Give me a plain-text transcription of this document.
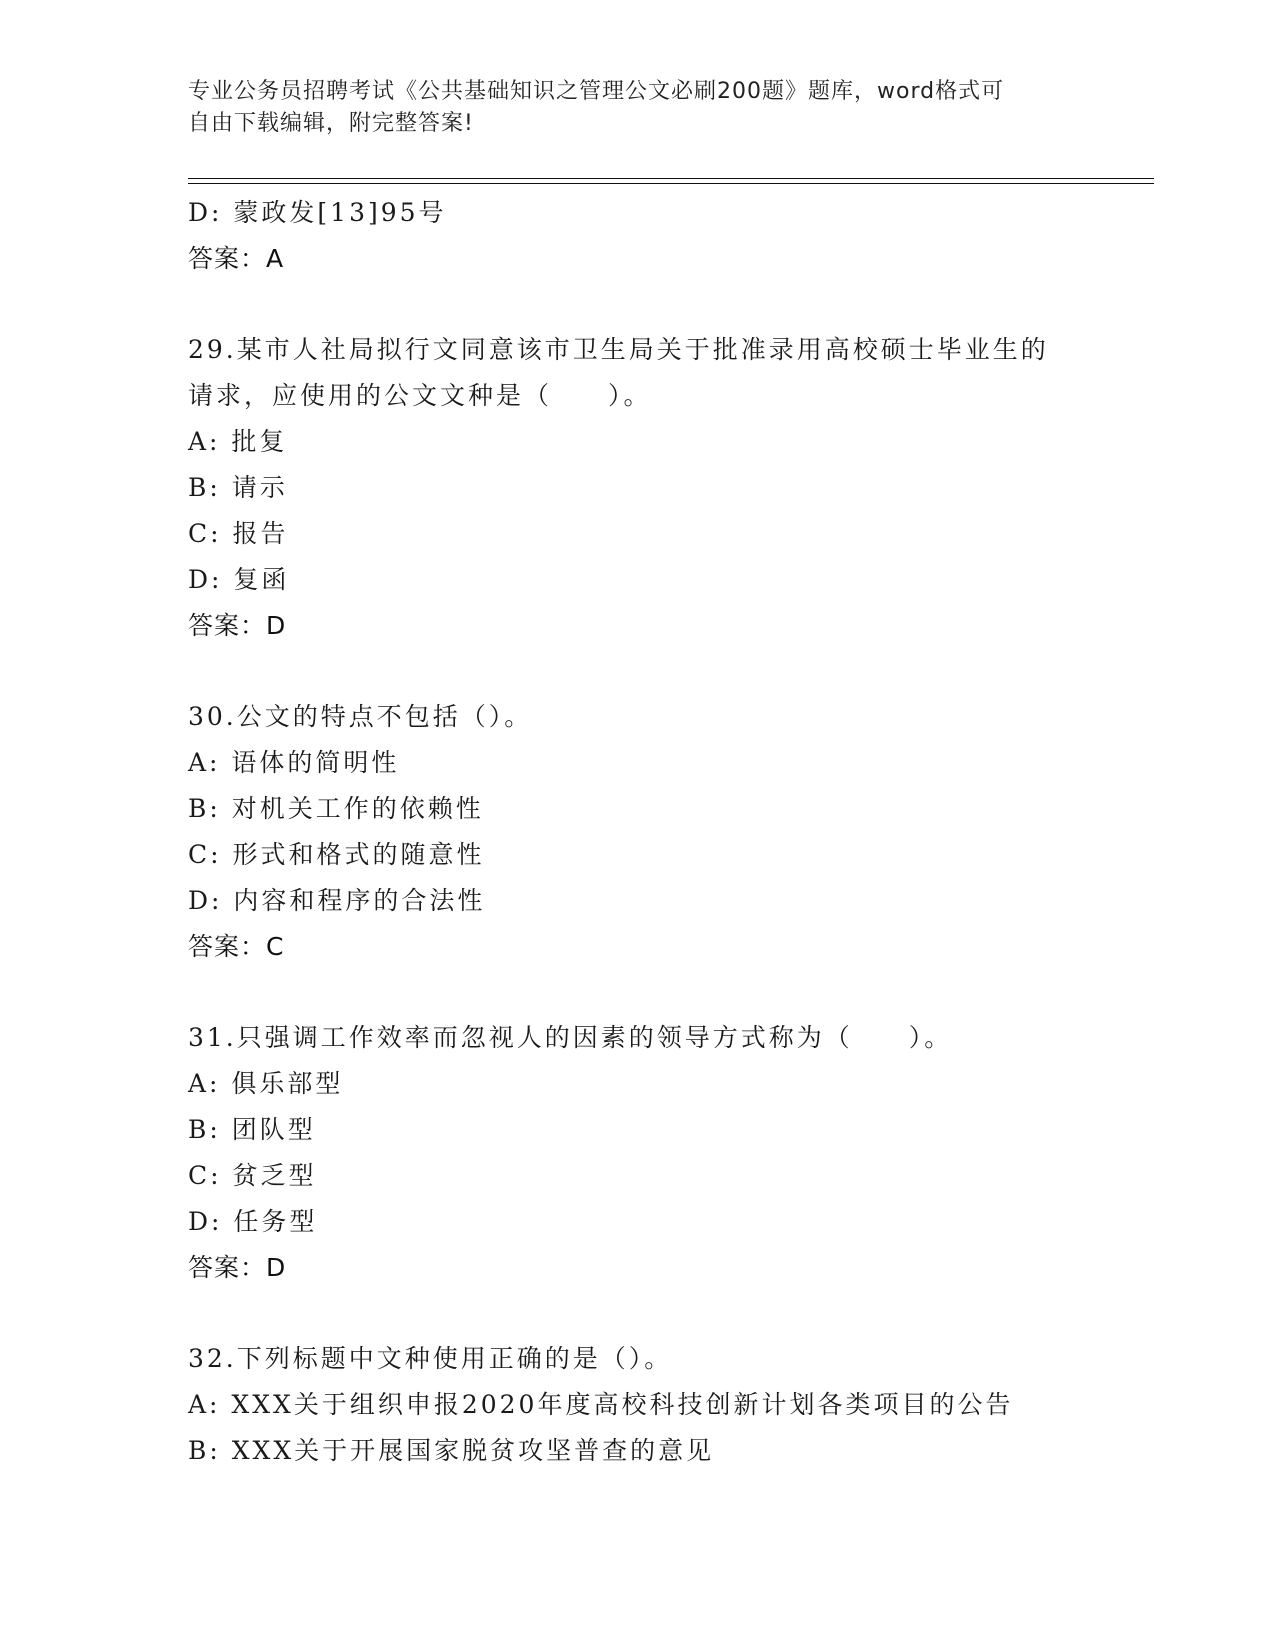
专业公务员招聘考试《公共基础知识之管理公文必刷200题》题库，word格式可
自由下载编辑，附完整答案!
D: 蒙政发[13]95号
答案：A
29.某市人社局拟行文同意该市卫生局关于批准录用高校硕士毕业生的
请求，应使用的公文文种是（　　）。
A: 批复
B: 请示
C: 报告
D: 复函
答案：D
30.公文的特点不包括（）。
A: 语体的简明性
B: 对机关工作的依赖性
C: 形式和格式的随意性
D: 内容和程序的合法性
答案：C
31.只强调工作效率而忽视人的因素的领导方式称为（　　）。
A: 俱乐部型
B: 团队型
C: 贫乏型
D: 任务型
答案：D
32.下列标题中文种使用正确的是（）。
A: XXX关于组织申报2020年度高校科技创新计划各类项目的公告
B: XXX关于开展国家脱贫攻坚普查的意见
